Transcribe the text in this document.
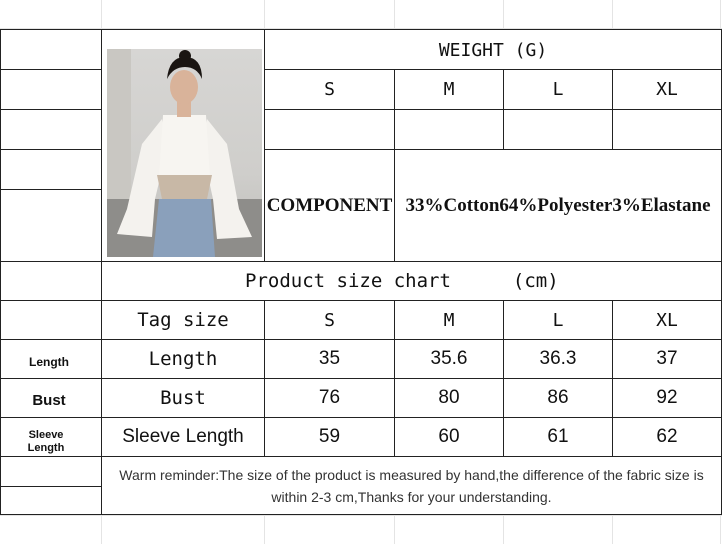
Length
Bust
Sleeve Length
WEIGHT (G)
S	M	L	XL
COMPONENT 33%Cotton64%Polyester3%Elastane
Product size chart	(cm)
Tag size	S	M	L	XL
Length	35	35.6	36.3	37
Bust	76	80	86	92
Sleeve Length	59	60	61	62
Warm reminder:The size of the product is measured by hand,the difference of the fabric size is within 2-3 cm,Thanks for your understanding.
